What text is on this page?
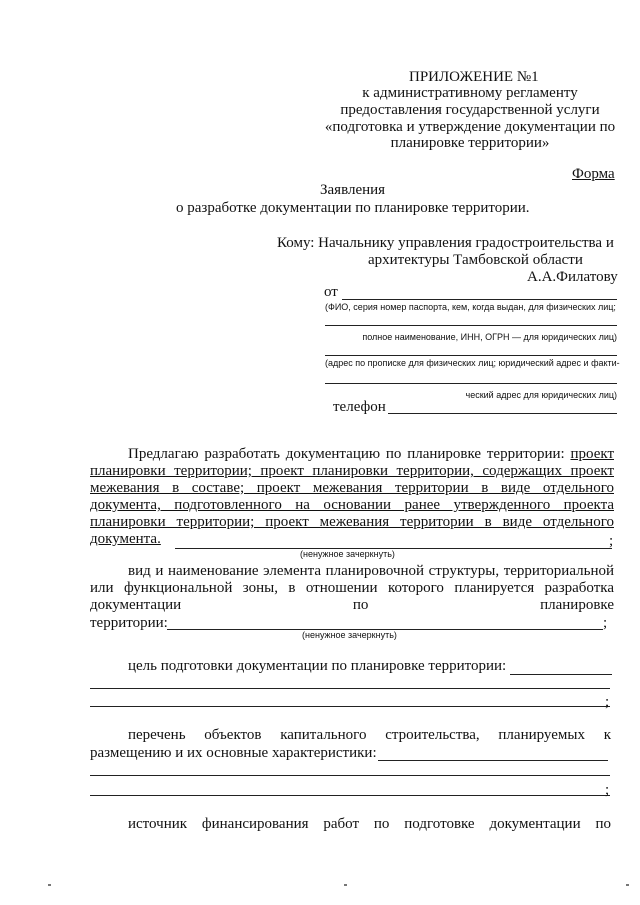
ПРИЛОЖЕНИЕ №1
к административному регламенту
предоставления государственной услуги
«подготовка и утверждение документации по
планировке территории»
Форма
Заявления
о разработке документации по планировке территории.
Кому: Начальнику управления градостроительства и
архитектуры Тамбовской области
А.А.Филатову
от
(ФИО, серия номер паспорта, кем, когда выдан, для физических лиц;
полное наименование, ИНН, ОГРН — для юридических лиц)
(адрес по прописке для физических лиц; юридический адрес и факти-
ческий адрес для юридических лиц)
телефон
Предлагаю разработать документацию по планировке территории: проект планировки территории; проект планировки территории, содержащих проект межевания в составе; проект межевания территории в виде отдельного документа, подготовленного на основании ранее утвержденного проекта планировки территории; проект межевания территории в виде отдельного документа.	;
(ненужное зачеркнуть)
вид и наименование элемента планировочной структуры, территориальной или функциональной зоны, в отношении которого планируется разработка документации по планировке
территории:	;
(ненужное зачеркнуть)
цель подготовки документации по планировке территории:
;
перечень объектов капитального строительства, планируемых к
размещению и их основные характеристики:
;
источник финансирования работ по подготовке документации по
